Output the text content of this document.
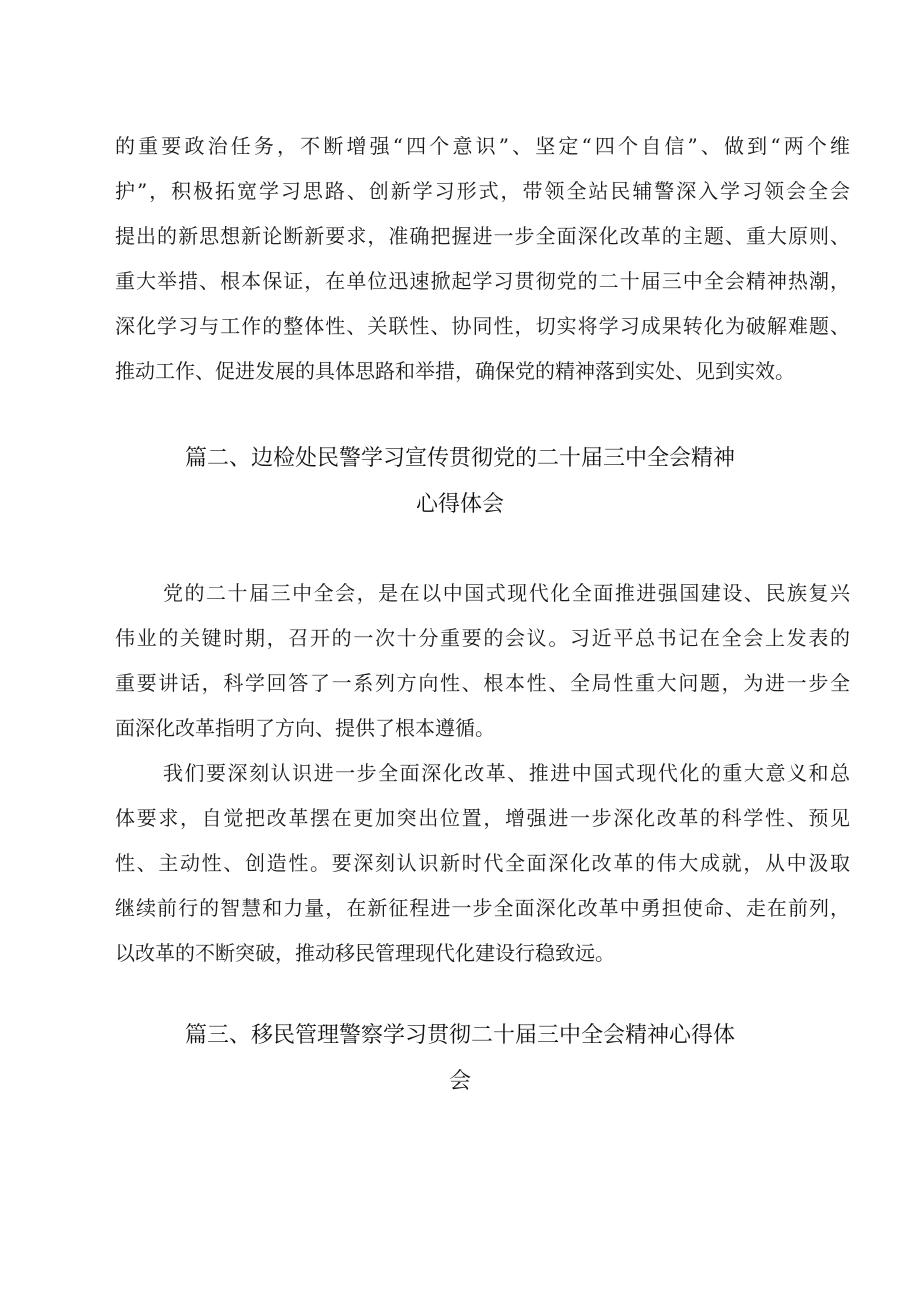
的重要政治任务，不断增强“四个意识”、坚定“四个自信”、做到“两个维
护”，积极拓宽学习思路、创新学习形式，带领全站民辅警深入学习领会全会
提出的新思想新论断新要求，准确把握进一步全面深化改革的主题、重大原则、
重大举措、根本保证，在单位迅速掀起学习贯彻党的二十届三中全会精神热潮，
深化学习与工作的整体性、关联性、协同性，切实将学习成果转化为破解难题、
推动工作、促进发展的具体思路和举措，确保党的精神落到实处、见到实效。
篇二、边检处民警学习宣传贯彻党的二十届三中全会精神
心得体会
党的二十届三中全会，是在以中国式现代化全面推进强国建设、民族复兴
伟业的关键时期，召开的一次十分重要的会议。习近平总书记在全会上发表的
重要讲话，科学回答了一系列方向性、根本性、全局性重大问题，为进一步全
面深化改革指明了方向、提供了根本遵循。
我们要深刻认识进一步全面深化改革、推进中国式现代化的重大意义和总
体要求，自觉把改革摆在更加突出位置，增强进一步深化改革的科学性、预见
性、主动性、创造性。要深刻认识新时代全面深化改革的伟大成就，从中汲取
继续前行的智慧和力量，在新征程进一步全面深化改革中勇担使命、走在前列，
以改革的不断突破，推动移民管理现代化建设行稳致远。
篇三、移民管理警察学习贯彻二十届三中全会精神心得体
会
